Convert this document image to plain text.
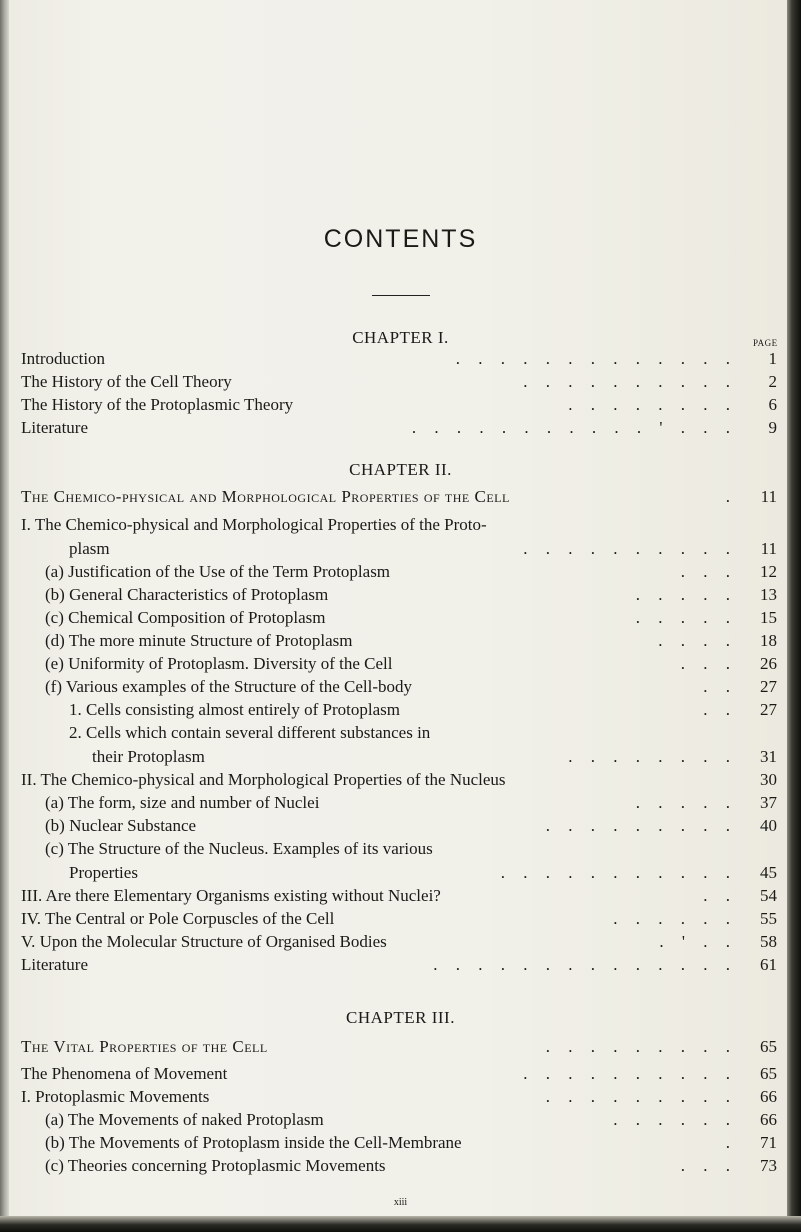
CONTENTS
CHAPTER I.	PAGE
Introduction	. . . . . . . . . . . . .	1
The History of the Cell Theory	. . . . . . . . . .	2
The History of the Protoplasmic Theory	. . . . . . . .	6
Literature	. . . . . . . . . . . ' . . .	9
CHAPTER II.
The Chemico-physical and Morphological Properties of the Cell	.	11
I. The Chemico-physical and Morphological Properties of the Proto-
plasm	. . . . . . . . . .	11
(a) Justification of the Use of the Term Protoplasm	. . .	12
(b) General Characteristics of Protoplasm	. . . . .	13
(c) Chemical Composition of Protoplasm	. . . . .	15
(d) The more minute Structure of Protoplasm	. . . .	18
(e) Uniformity of Protoplasm. Diversity of the Cell	. . .	26
(f) Various examples of the Structure of the Cell-body	. .	27
1. Cells consisting almost entirely of Protoplasm	. .	27
2. Cells which contain several different substances in
their Protoplasm	. . . . . . . .	31
II. The Chemico-physical and Morphological Properties of the Nucleus	30
(a) The form, size and number of Nuclei	. . . . .	37
(b) Nuclear Substance	. . . . . . . . .	40
(c) The Structure of the Nucleus. Examples of its various
Properties	. . . . . . . . . . .	45
III. Are there Elementary Organisms existing without Nuclei?	. .	54
IV. The Central or Pole Corpuscles of the Cell	. . . . . .	55
V. Upon the Molecular Structure of Organised Bodies	. ' . .	58
Literature	. . . . . . . . . . . . . .	61
CHAPTER III.
The Vital Properties of the Cell	. . . . . . . . .	65
The Phenomena of Movement	. . . . . . . . . .	65
I. Protoplasmic Movements	. . . . . . . . .	66
(a) The Movements of naked Protoplasm	. . . . . .	66
(b) The Movements of Protoplasm inside the Cell-Membrane	.	71
(c) Theories concerning Protoplasmic Movements	. . .	73
xiii
